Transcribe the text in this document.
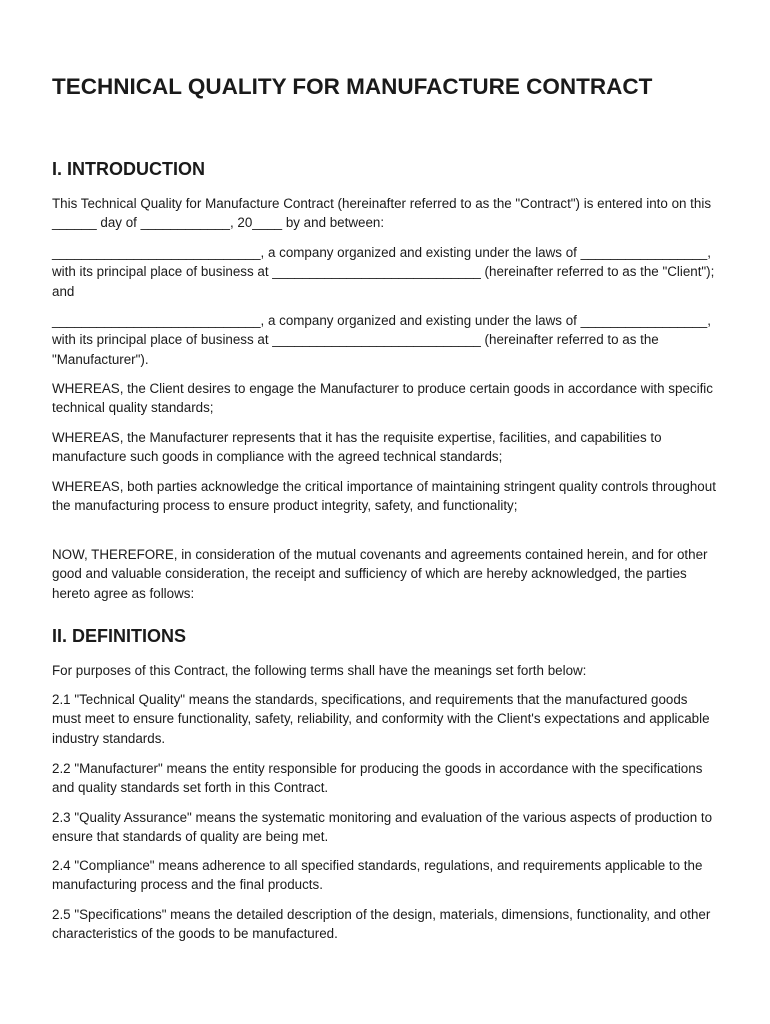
TECHNICAL QUALITY FOR MANUFACTURE CONTRACT
I. INTRODUCTION

This Technical Quality for Manufacture Contract (hereinafter referred to as the "Contract") is entered into on this ______ day of ____________, 20____ by and between:

____________________________, a company organized and existing under the laws of _________________, with its principal place of business at ____________________________ (hereinafter referred to as the "Client"); and

____________________________, a company organized and existing under the laws of _________________, with its principal place of business at ____________________________ (hereinafter referred to as the "Manufacturer").

WHEREAS, the Client desires to engage the Manufacturer to produce certain goods in accordance with specific technical quality standards;

WHEREAS, the Manufacturer represents that it has the requisite expertise, facilities, and capabilities to manufacture such goods in compliance with the agreed technical standards;

WHEREAS, both parties acknowledge the critical importance of maintaining stringent quality controls throughout the manufacturing process to ensure product integrity, safety, and functionality;

NOW, THEREFORE, in consideration of the mutual covenants and agreements contained herein, and for other good and valuable consideration, the receipt and sufficiency of which are hereby acknowledged, the parties hereto agree as follows:

II. DEFINITIONS

For purposes of this Contract, the following terms shall have the meanings set forth below:

2.1 "Technical Quality" means the standards, specifications, and requirements that the manufactured goods must meet to ensure functionality, safety, reliability, and conformity with the Client's expectations and applicable industry standards.

2.2 "Manufacturer" means the entity responsible for producing the goods in accordance with the specifications and quality standards set forth in this Contract.

2.3 "Quality Assurance" means the systematic monitoring and evaluation of the various aspects of production to ensure that standards of quality are being met.

2.4 "Compliance" means adherence to all specified standards, regulations, and requirements applicable to the manufacturing process and the final products.

2.5 "Specifications" means the detailed description of the design, materials, dimensions, functionality, and other characteristics of the goods to be manufactured.
